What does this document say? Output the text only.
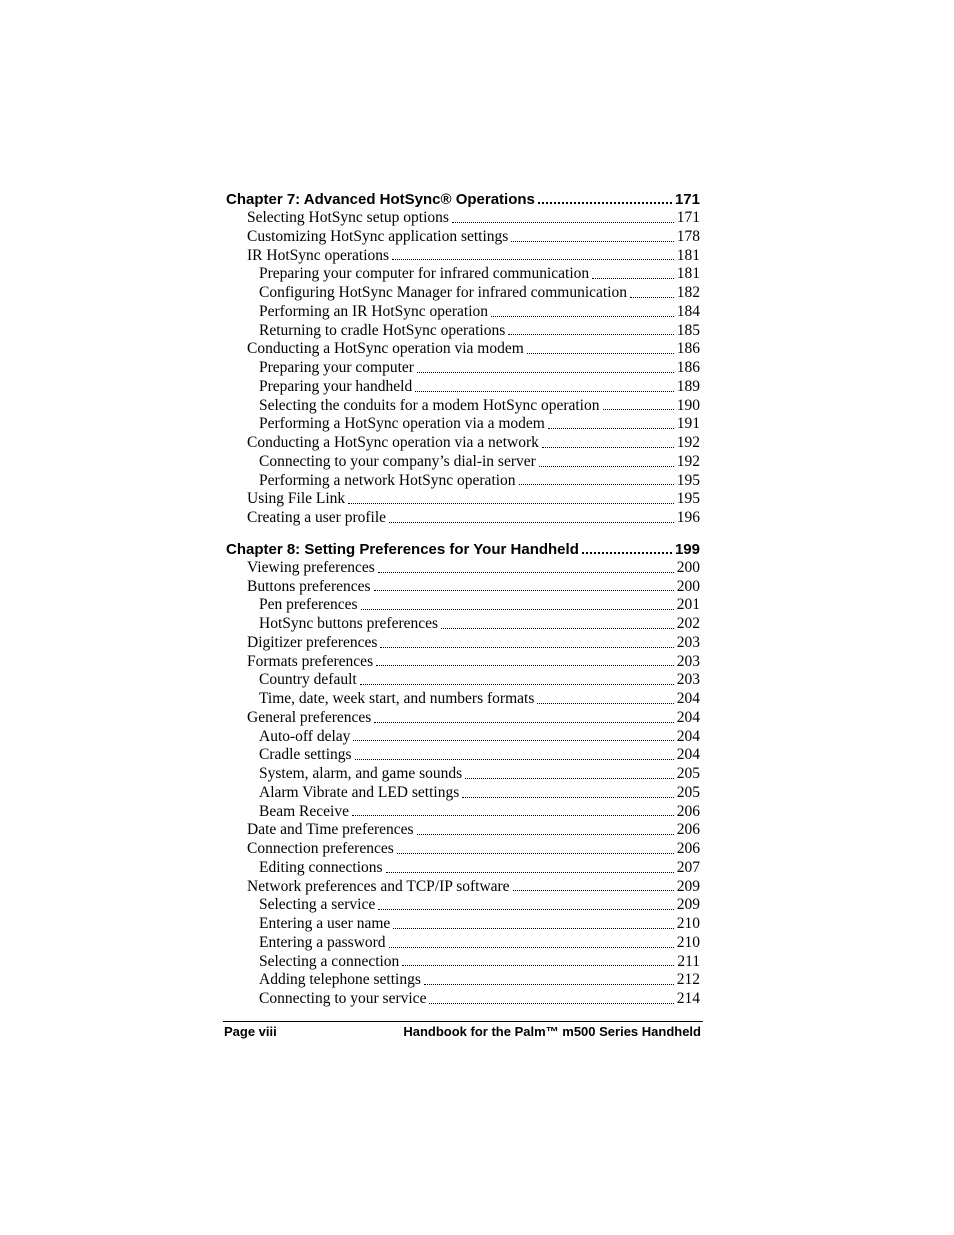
Chapter 7: Advanced HotSync® Operations	171
Selecting HotSync setup options	171
Customizing HotSync application settings	178
IR HotSync operations	181
Preparing your computer for infrared communication	181
Configuring HotSync Manager for infrared communication	182
Performing an IR HotSync operation	184
Returning to cradle HotSync operations	185
Conducting a HotSync operation via modem	186
Preparing your computer	186
Preparing your handheld	189
Selecting the conduits for a modem HotSync operation	190
Performing a HotSync operation via a modem	191
Conducting a HotSync operation via a network	192
Connecting to your company’s dial-in server	192
Performing a network HotSync operation	195
Using File Link	195
Creating a user profile	196
Chapter 8: Setting Preferences for Your Handheld	199
Viewing preferences	200
Buttons preferences	200
Pen preferences	201
HotSync buttons preferences	202
Digitizer preferences	203
Formats preferences	203
Country default	203
Time, date, week start, and numbers formats	204
General preferences	204
Auto-off delay	204
Cradle settings	204
System, alarm, and game sounds	205
Alarm Vibrate and LED settings	205
Beam Receive	206
Date and Time preferences	206
Connection preferences	206
Editing connections	207
Network preferences and TCP/IP software	209
Selecting a service	209
Entering a user name	210
Entering a password	210
Selecting a connection	211
Adding telephone settings	212
Connecting to your service	214
Page viii	Handbook for the Palm™ m500 Series Handheld
